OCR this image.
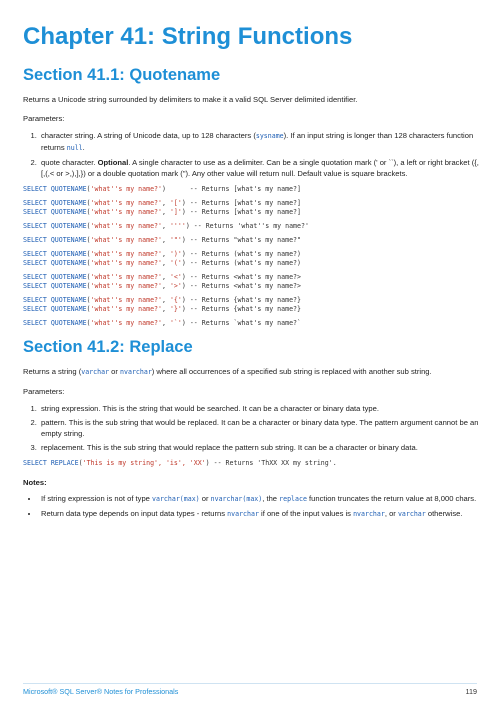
Chapter 41: String Functions
Section 41.1: Quotename

Returns a Unicode string surrounded by delimiters to make it a valid SQL Server delimited identifier.

Parameters:

1. character string. A string of Unicode data, up to 128 characters (sysname). If an input string is longer than 128 characters function returns null.
2. quote character. Optional. A single character to use as a delimiter. Can be a single quotation mark (' or ``), a left or right bracket ({,[,(,< or >,),],}) or a double quotation mark ("). Any other value will return null. Default value is square brackets.
SELECT QUOTENAME('what''s my name?')      -- Returns [what's my name?]
SELECT QUOTENAME('what''s my name?', '[') -- Returns [what's my name?]
SELECT QUOTENAME('what''s my name?', ']') -- Returns [what's my name?]
SELECT QUOTENAME('what''s my name?', '''') -- Returns 'what''s my name?'
SELECT QUOTENAME('what''s my name?', '"') -- Returns "what's my name?"
SELECT QUOTENAME('what''s my name?', ')') -- Returns (what's my name?)
SELECT QUOTENAME('what''s my name?', '(') -- Returns (what's my name?)
SELECT QUOTENAME('what''s my name?', '<') -- Returns <what's my name?>
SELECT QUOTENAME('what''s my name?', '>') -- Returns <what's my name?>
SELECT QUOTENAME('what''s my name?', '{') -- Returns {what's my name?}
SELECT QUOTENAME('what''s my name?', '}') -- Returns {what's my name?}
SELECT QUOTENAME('what''s my name?', '`') -- Returns `what's my name?`
Section 41.2: Replace

Returns a string (varchar or nvarchar) where all occurrences of a specified sub string is replaced with another sub string.

Parameters:

1. string expression. This is the string that would be searched. It can be a character or binary data type.
2. pattern. This is the sub string that would be replaced. It can be a character or binary data type. The pattern argument cannot be an empty string.
3. replacement. This is the sub string that would replace the pattern sub string. It can be a character or binary data.
SELECT REPLACE('This is my string', 'is', 'XX') -- Returns 'ThXX XX my string'.
Notes:
• If string expression is not of type varchar(max) or nvarchar(max), the replace function truncates the return value at 8,000 chars.
• Return data type depends on input data types - returns nvarchar if one of the input values is nvarchar, or varchar otherwise.
Microsoft® SQL Server® Notes for Professionals	119
